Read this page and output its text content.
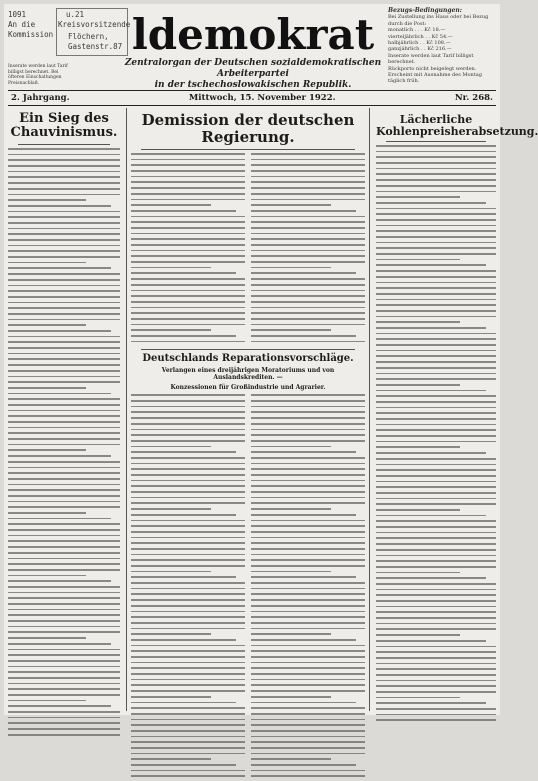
1091
An die
Kommission
u.21
Kreisvorsitzende
Flöchern,
Gastenstr.87 ldemokrat
Zentralorgan der Deutschen sozialdemokratischen Arbeiterpartei
in der tschechoslowakischen Republik.
Bezugs-Bedingungen:
Bei Zustellung ins Haus oder bei Bezug durch die Post:
monatlich . . . Kč 18.—
vierteljährlich . . Kč 54.—
halbjährlich . . Kč 108.—
ganzjährlich . . Kč 216.—
Inserate werden laut Tarif billigst berechnet.
Rückporto nicht beigelegt werden. Erscheint mit Ausnahme des Montag täglich früh.
Inserate werden laut Tarif billigst berechnet. Bei öfteren Einschaltungen Preisnachlaß.
2. Jahrgang.	Mittwoch, 15. November 1922.	Nr. 268.
Ein Sieg des Chauvinismus.
Demission der deutschen Regierung.
Deutschlands Reparationsvorschläge.
Verlangen eines dreijährigen Moratoriums und von Auslandskrediten. —
Konzessionen für Großindustrie und Agrarier.
Lächerliche Kohlenpreisherabsetzung.
